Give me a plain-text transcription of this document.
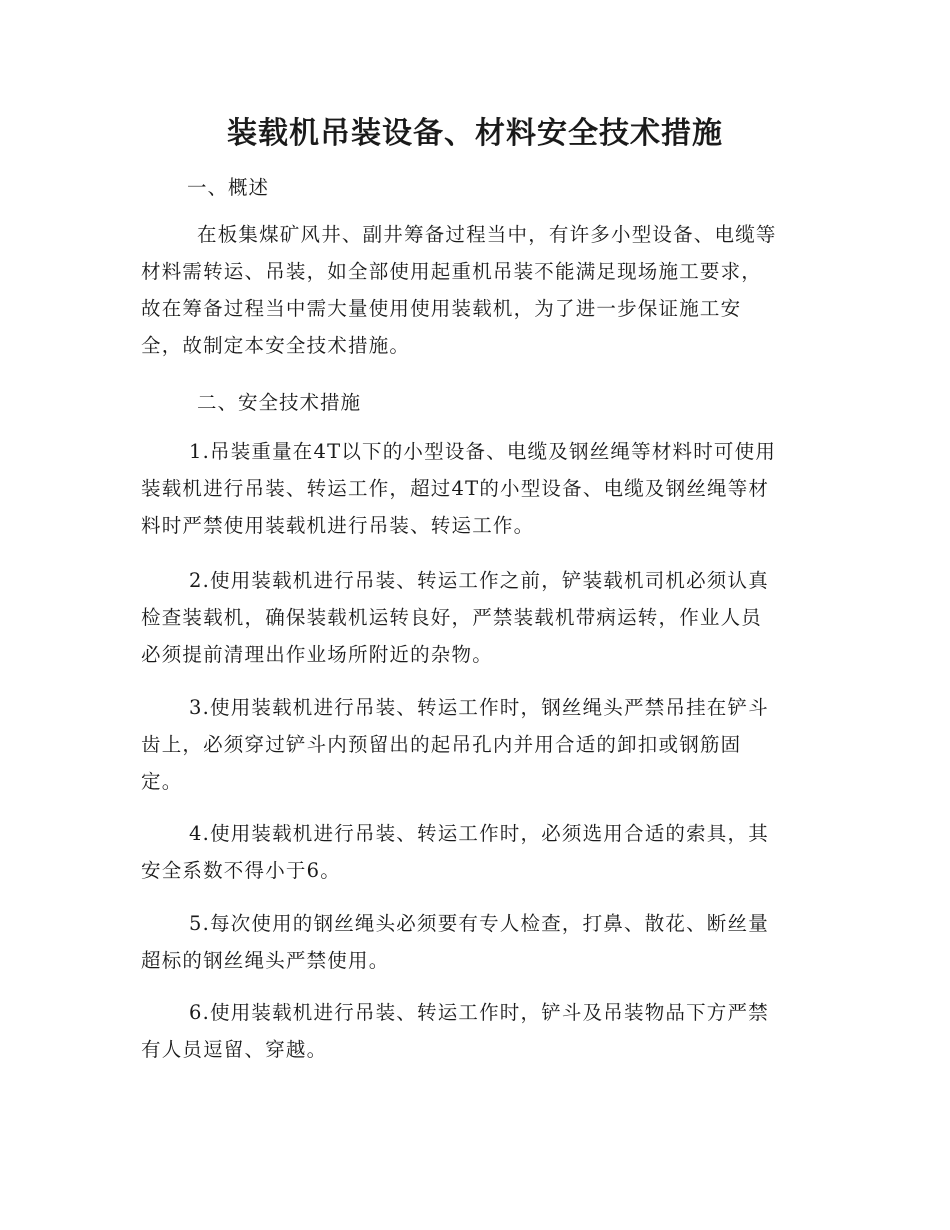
装载机吊装设备、材料安全技术措施
一、概述
在板集煤矿风井、副井筹备过程当中，有许多小型设备、电缆等
材料需转运、吊装，如全部使用起重机吊装不能满足现场施工要求，
故在筹备过程当中需大量使用使用装载机，为了进一步保证施工安
全，故制定本安全技术措施。
二、安全技术措施
1.吊装重量在4T以下的小型设备、电缆及钢丝绳等材料时可使用
装载机进行吊装、转运工作，超过4T的小型设备、电缆及钢丝绳等材
料时严禁使用装载机进行吊装、转运工作。
2.使用装载机进行吊装、转运工作之前，铲装载机司机必须认真
检查装载机，确保装载机运转良好，严禁装载机带病运转，作业人员
必须提前清理出作业场所附近的杂物。
3.使用装载机进行吊装、转运工作时，钢丝绳头严禁吊挂在铲斗
齿上，必须穿过铲斗内预留出的起吊孔内并用合适的卸扣或钢筋固
定。
4.使用装载机进行吊装、转运工作时，必须选用合适的索具，其
安全系数不得小于6。
5.每次使用的钢丝绳头必须要有专人检查，打鼻、散花、断丝量
超标的钢丝绳头严禁使用。
6.使用装载机进行吊装、转运工作时，铲斗及吊装物品下方严禁
有人员逗留、穿越。
